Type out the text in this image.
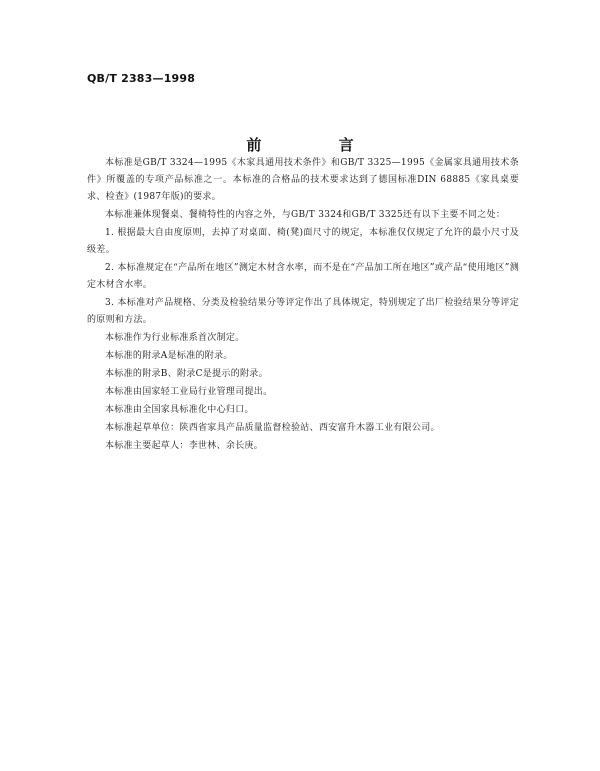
QB/T 2383—1998
前 言
本标准是GB/T 3324—1995《木家具通用技术条件》和GB/T 3325—1995《金属家具通用技术条件》所覆盖的专项产品标准之一。本标准的合格品的技术要求达到了德国标准DIN 68885《家具桌要求、检查》(1987年版)的要求。
本标准兼体现餐桌、餐椅特性的内容之外，与GB/T 3324和GB/T 3325还有以下主要不同之处：
1. 根据最大自由度原则，去掉了对桌面、椅(凳)面尺寸的规定，本标准仅仅规定了允许的最小尺寸及级差。
2. 本标准规定在“产品所在地区”测定木材含水率，而不是在“产品加工所在地区”或产品“使用地区”测定木材含水率。
3. 本标准对产品规格、分类及检验结果分等评定作出了具体规定，特别规定了出厂检验结果分等评定的原则和方法。
本标准作为行业标准系首次制定。
本标准的附录A是标准的附录。
本标准的附录B、附录C是提示的附录。
本标准由国家轻工业局行业管理司提出。
本标准由全国家具标准化中心归口。
本标准起草单位：陕西省家具产品质量监督检验站、西安富升木器工业有限公司。
本标准主要起草人：李世林、余长庚。
